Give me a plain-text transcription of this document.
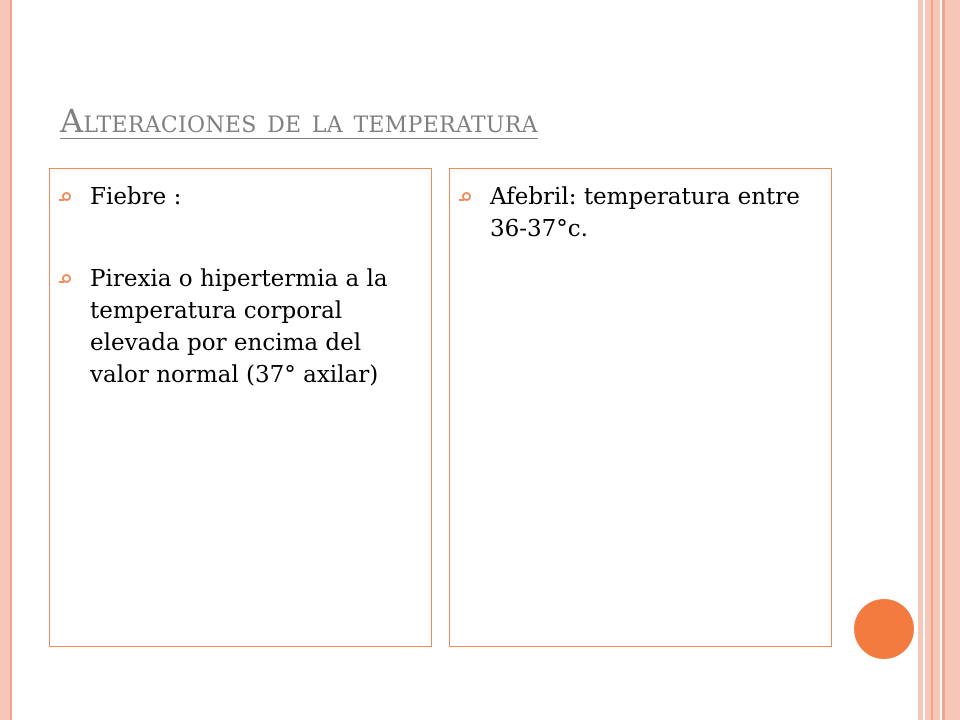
Alteraciones de la temperatura
Fiebre :
Pirexia o hipertermia a la temperatura corporal elevada por encima del valor normal (37° axilar)
Afebril: temperatura entre 36-37°c.
